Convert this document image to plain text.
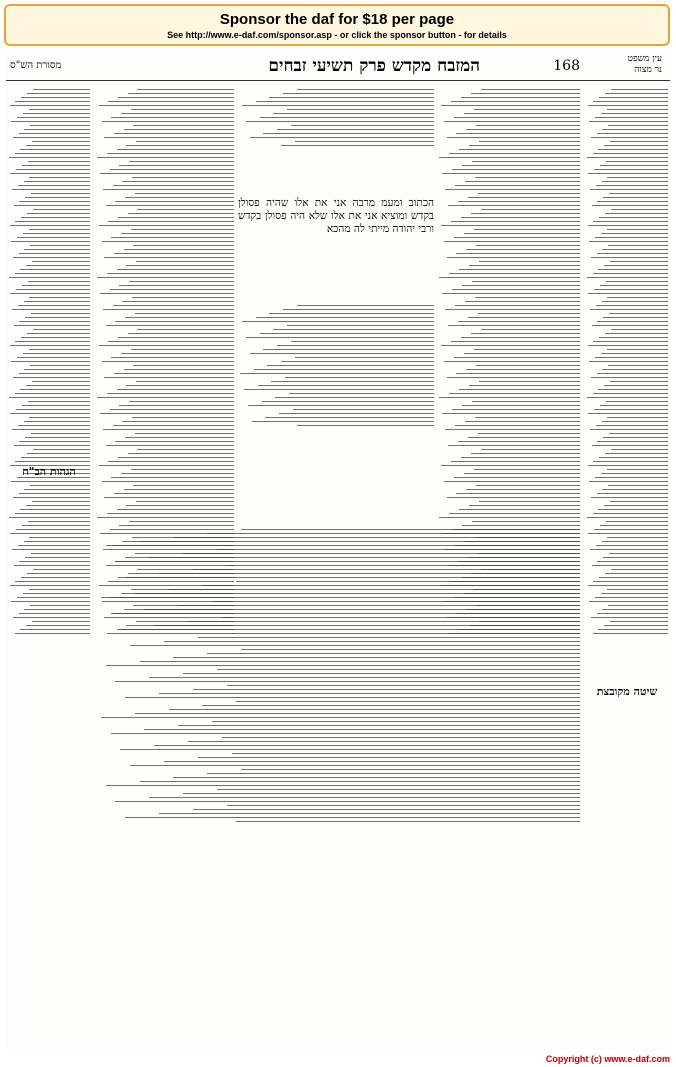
Sponsor the daf for $18 per page
See http://www.e-daf.com/sponsor.asp - or click the sponsor button - for details
168
המזבח מקדש פרק תשיעי זבחים
מסורת הש"ס
עין משפט
נר מצוה
הגהות הב"ח
הכתוב ומעמ מרבה אני את אלו שהיה פסולן בקדש ומוציא אני את אלו שלא היה פסולן בקדש ורבי יהודה מייתי לה מהכא
שיטה מקובצת
Copyright (c) www.e-daf.com
